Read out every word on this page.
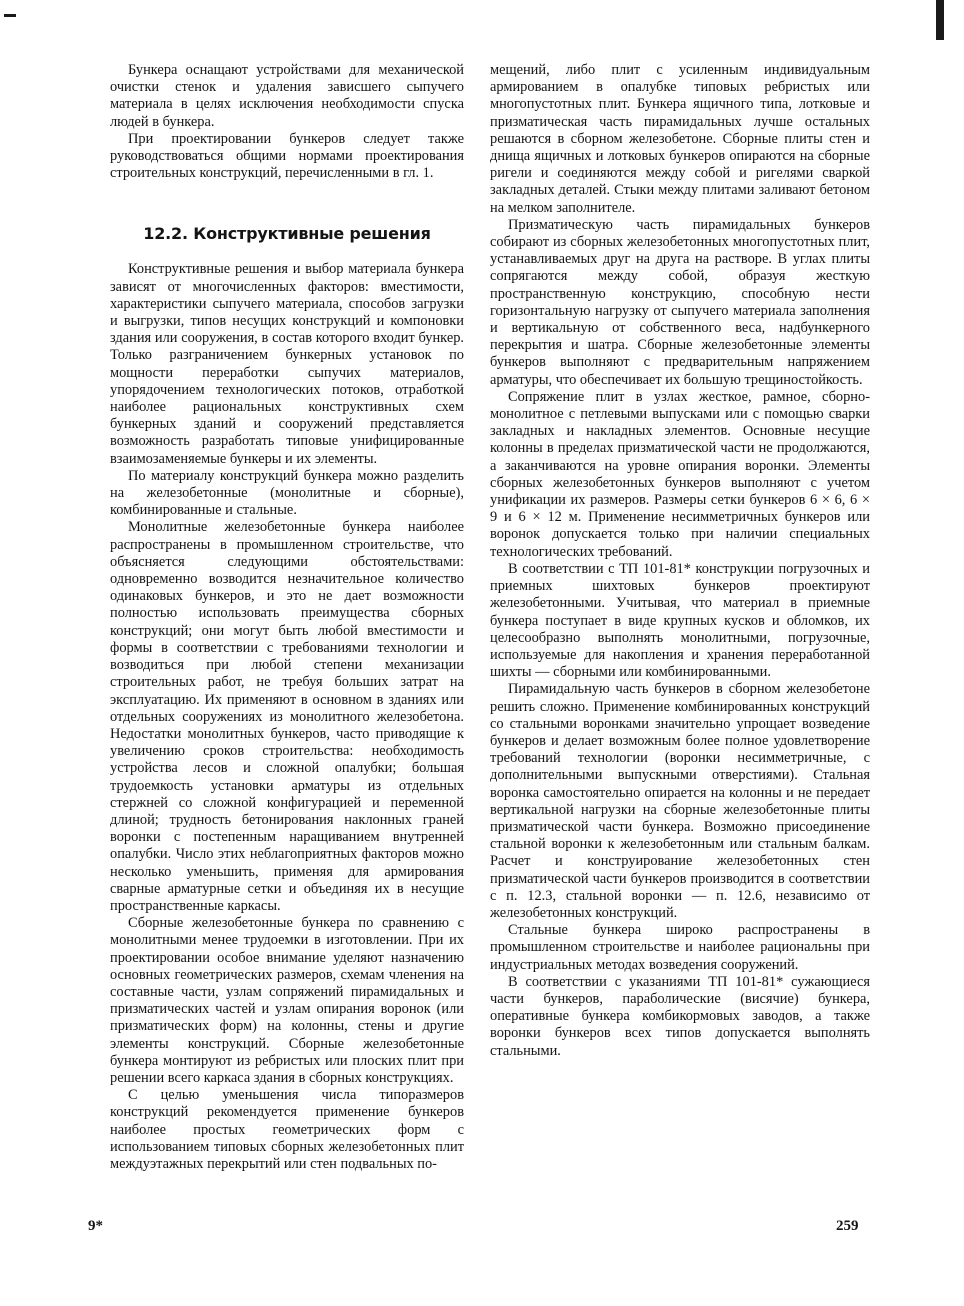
Бункера оснащают устройствами для механической очистки стенок и удаления зависшего сыпучего материала в целях исключения необходимости спуска людей в бункера.

При проектировании бункеров следует также руководствоваться общими нормами проектирования строительных конструкций, перечисленными в гл. 1.

12.2. Конструктивные решения

Конструктивные решения и выбор материала бункера зависят от многочисленных факторов: вместимости, характеристики сыпучего материала, способов загрузки и выгрузки, типов несущих конструкций и компоновки здания или сооружения, в состав которого входит бункер. Только разграничением бункерных установок по мощности переработки сыпучих материалов, упорядочением технологических потоков, отработкой наиболее рациональных конструктивных схем бункерных зданий и сооружений представляется возможность разработать типовые унифицированные взаимозаменяемые бункеры и их элементы.

По материалу конструкций бункера можно разделить на железобетонные (монолитные и сборные), комбинированные и стальные.

Монолитные железобетонные бункера наиболее распространены в промышленном строительстве, что объясняется следующими обстоятельствами: одновременно возводится незначительное количество одинаковых бункеров, и это не дает возможности полностью использовать преимущества сборных конструкций; они могут быть любой вместимости и формы в соответствии с требованиями технологии и возводиться при любой степени механизации строительных работ, не требуя больших затрат на эксплуатацию. Их применяют в основном в зданиях или отдельных сооружениях из монолитного железобетона. Недостатки монолитных бункеров, часто приводящие к увеличению сроков строительства: необходимость устройства лесов и сложной опалубки; большая трудоемкость установки арматуры из отдельных стержней со сложной конфигурацией и переменной длиной; трудность бетонирования наклонных граней воронки с постепенным наращиванием внутренней опалубки. Число этих неблагоприятных факторов можно несколько уменьшить, применяя для армирования сварные арматурные сетки и объединяя их в несущие пространственные каркасы.

Сборные железобетонные бункера по сравнению с монолитными менее трудоемки в изготовлении. При их проектировании особое внимание уделяют назначению основных геометрических размеров, схемам членения на составные части, узлам сопряжений пирамидальных и призматических частей и узлам опирания воронок (или призматических форм) на колонны, стены и другие элементы конструкций. Сборные железобетонные бункера монтируют из ребристых или плоских плит при решении всего каркаса здания в сборных конструкциях.

С целью уменьшения числа типоразмеров конструкций рекомендуется применение бункеров наиболее простых геометрических форм с использованием типовых сборных железобетонных плит междуэтажных перекрытий или стен подвальных по-

мещений, либо плит с усиленным индивидуальным армированием в опалубке типовых ребристых или многопустотных плит. Бункера ящичного типа, лотковые и призматическая часть пирамидальных лучше остальных решаются в сборном железобетоне. Сборные плиты стен и днища ящичных и лотковых бункеров опираются на сборные ригели и соединяются между собой и ригелями сваркой закладных деталей. Стыки между плитами заливают бетоном на мелком заполнителе.

Призматическую часть пирамидальных бункеров собирают из сборных железобетонных многопустотных плит, устанавливаемых друг на друга на растворе. В углах плиты сопрягаются между собой, образуя жесткую пространственную конструкцию, способную нести горизонтальную нагрузку от сыпучего материала заполнения и вертикальную от собственного веса, надбункерного перекрытия и шатра. Сборные железобетонные элементы бункеров выполняют с предварительным напряжением арматуры, что обеспечивает их большую трещиностойкость.

Сопряжение плит в узлах жесткое, рамное, сборно-монолитное с петлевыми выпусками или с помощью сварки закладных и накладных элементов. Основные несущие колонны в пределах призматической части не продолжаются, а заканчиваются на уровне опирания воронки. Элементы сборных железобетонных бункеров выполняют с учетом унификации их размеров. Размеры сетки бункеров 6 × 6, 6 × 9 и 6 × 12 м. Применение несимметричных бункеров или воронок допускается только при наличии специальных технологических требований.

В соответствии с ТП 101-81* конструкции погрузочных и приемных шихтовых бункеров проектируют железобетонными. Учитывая, что материал в приемные бункера поступает в виде крупных кусков и обломков, их целесообразно выполнять монолитными, погрузочные, используемые для накопления и хранения переработанной шихты — сборными или комбинированными.

Пирамидальную часть бункеров в сборном железобетоне решить сложно. Применение комбинированных конструкций со стальными воронками значительно упрощает возведение бункеров и делает возможным более полное удовлетворение требований технологии (воронки несимметричные, с дополнительными выпускными отверстиями). Стальная воронка самостоятельно опирается на колонны и не передает вертикальной нагрузки на сборные железобетонные плиты призматической части бункера. Возможно присоединение стальной воронки к железобетонным или стальным балкам. Расчет и конструирование железобетонных стен призматической части бункеров производится в соответствии с п. 12.3, стальной воронки — п. 12.6, независимо от железобетонных конструкций.

Стальные бункера широко распространены в промышленном строительстве и наиболее рациональны при индустриальных методах возведения сооружений.

В соответствии с указаниями ТП 101-81* сужающиеся части бункеров, параболические (висячие) бункера, оперативные бункера комбикормовых заводов, а также воронки бункеров всех типов допускается выполнять стальными.

9*	259
